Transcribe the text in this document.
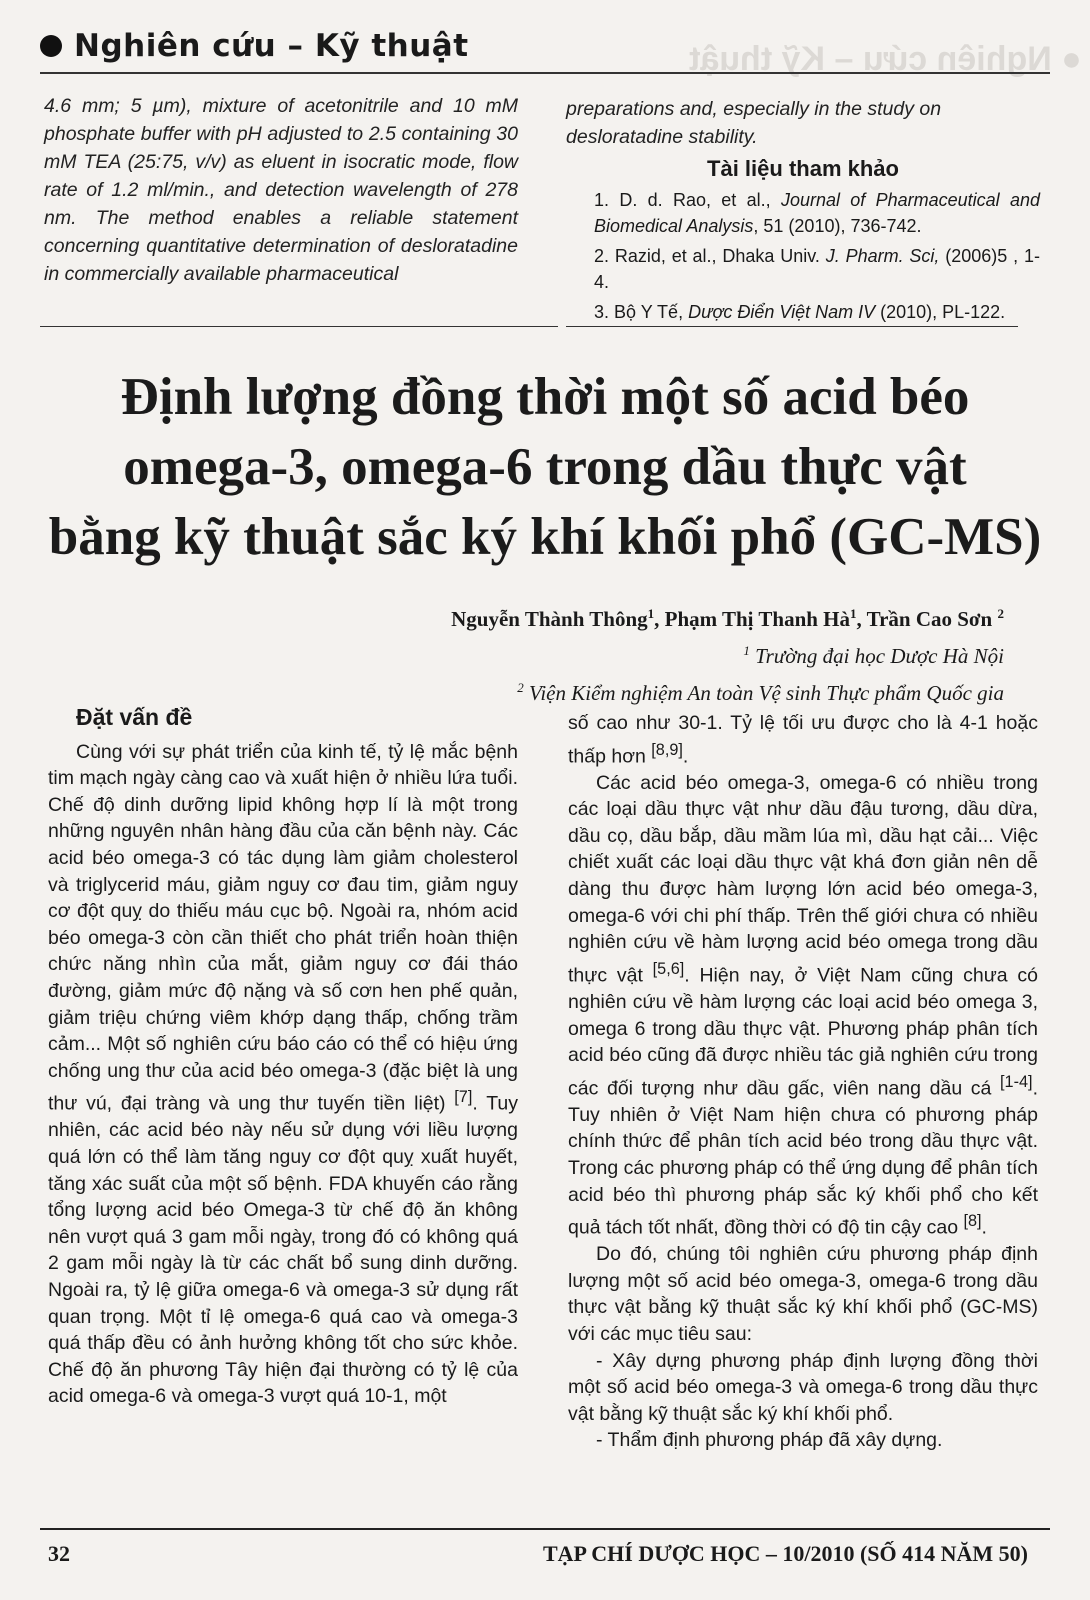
● Nghiên cứu – Kỹ thuật
Nghiên cứu – Kỹ thuật
4.6 mm; 5 µm), mixture of acetonitrile and 10 mM phosphate buffer with pH adjusted to 2.5 containing 30 mM TEA (25:75, v/v) as eluent in isocratic mode, flow rate of 1.2 ml/min., and detection wavelength of 278 nm. The method enables a reliable statement concerning quantitative determination of desloratadine in commercially available pharmaceutical

preparations and, especially in the study on desloratadine stability.

Tài liệu tham khảo

1. D. d. Rao, et al., Journal of Pharmaceutical and Biomedical Analysis, 51 (2010), 736-742.

2. Razid, et al., Dhaka Univ. J. Pharm. Sci, (2006)5 , 1- 4.

3. Bộ Y Tế, Dược Điển Việt Nam IV (2010), PL-122.

Định lượng đồng thời một số acid béo
omega-3, omega-6 trong dầu thực vật
bằng kỹ thuật sắc ký khí khối phổ (GC-MS)
Nguyễn Thành Thông$^1$, Phạm Thị Thanh $Hà^1$, Trần Cao Sơn $^2$
$^1$ Trường đại học Dược Hà Nội
$^2$ Viện Kiểm nghiệm An toàn Vệ sinh Thực phẩm Quốc gia
Đặt vấn đề

Cùng với sự phát triển của kinh tế, tỷ lệ mắc bệnh tim mạch ngày càng cao và xuất hiện ở nhiều lứa tuổi. Chế độ dinh dưỡng lipid không hợp lí là một trong những nguyên nhân hàng đầu của căn bệnh này. Các acid béo omega-3 có tác dụng làm giảm cholesterol và triglycerid máu, giảm nguy cơ đau tim, giảm nguy cơ đột quỵ do thiếu máu cục bộ. Ngoài ra, nhóm acid béo omega-3 còn cần thiết cho phát triển hoàn thiện chức năng nhìn của mắt, giảm nguy cơ đái tháo đường, giảm mức độ nặng và số cơn hen phế quản, giảm triệu chứng viêm khớp dạng thấp, chống trầm cảm... Một số nghiên cứu báo cáo có thể có hiệu ứng chống ung thư của acid béo omega-3 (đặc biệt là ung thư vú, đại tràng và ung thư tuyến tiền liệt) [7]. Tuy nhiên, các acid béo này nếu sử dụng với liều lượng quá lớn có thể làm tăng nguy cơ đột quỵ xuất huyết, tăng xác suất của một số bệnh. FDA khuyến cáo rằng tổng lượng acid béo Omega-3 từ chế độ ăn không nên vượt quá 3 gam mỗi ngày, trong đó có không quá 2 gam mỗi ngày là từ các chất bổ sung dinh dưỡng. Ngoài ra, tỷ lệ giữa omega-6 và omega-3 sử dụng rất quan trọng. Một tỉ lệ omega-6 quá cao và omega-3 quá thấp đều có ảnh hưởng không tốt cho sức khỏe. Chế độ ăn phương Tây hiện đại thường có tỷ lệ của acid omega-6 và omega-3 vượt quá 10-1, một

số cao như 30-1. Tỷ lệ tối ưu được cho là 4-1 hoặc thấp hơn [8,9].

Các acid béo omega-3, omega-6 có nhiều trong các loại dầu thực vật như dầu đậu tương, dầu dừa, dầu cọ, dầu bắp, dầu mầm lúa mì, dầu hạt cải... Việc chiết xuất các loại dầu thực vật khá đơn giản nên dễ dàng thu được hàm lượng lớn acid béo omega-3, omega-6 với chi phí thấp. Trên thế giới chưa có nhiều nghiên cứu về hàm lượng acid béo omega trong dầu thực vật [5,6]. Hiện nay, ở Việt Nam cũng chưa có nghiên cứu về hàm lượng các loại acid béo omega 3, omega 6 trong dầu thực vật. Phương pháp phân tích acid béo cũng đã được nhiều tác giả nghiên cứu trong các đối tượng như dầu gấc, viên nang dầu cá [1-4]. Tuy nhiên ở Việt Nam hiện chưa có phương pháp chính thức để phân tích acid béo trong dầu thực vật. Trong các phương pháp có thể ứng dụng để phân tích acid béo thì phương pháp sắc ký khối phổ cho kết quả tách tốt nhất, đồng thời có độ tin cậy cao [8].

Do đó, chúng tôi nghiên cứu phương pháp định lượng một số acid béo omega-3, omega-6 trong dầu thực vật bằng kỹ thuật sắc ký khí khối phổ (GC-MS) với các mục tiêu sau:

- Xây dựng phương pháp định lượng đồng thời một số acid béo omega-3 và omega-6 trong dầu thực vật bằng kỹ thuật sắc ký khí khối phổ.

- Thẩm định phương pháp đã xây dựng.

32	TẠP CHÍ DƯỢC HỌC – 10/2010 (SỐ 414 NĂM 50)
